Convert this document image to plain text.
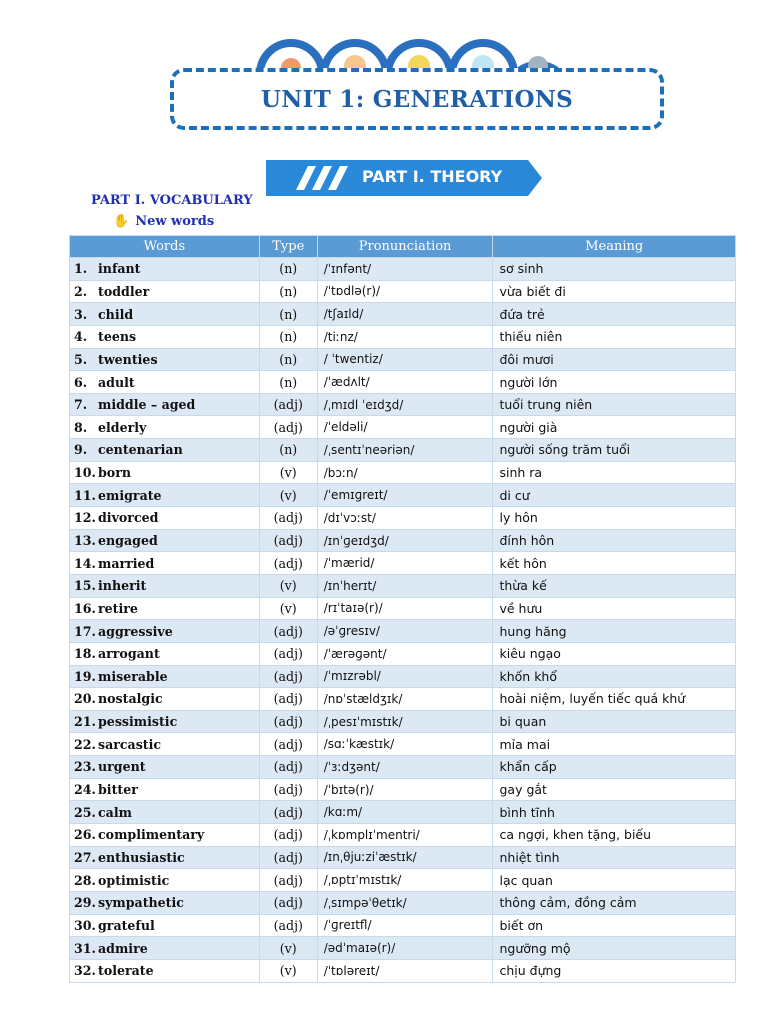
UNIT 1: GENERATIONS
PART I. THEORY
PART I. VOCABULARY
✋ New words
Words	Type	Pronunciation	Meaning
1. infant	(n)	/ˈɪnfənt/	sơ sinh
2. toddler	(n)	/ˈtɒdlə(r)/	vừa biết đi
3. child	(n)	/tʃaɪld/	đứa trẻ
4. teens	(n)	/tiːnz/	thiếu niên
5. twenties	(n)	/ ˈtwentiz/	đôi mươi
6. adult	(n)	/ˈædʌlt/	người lớn
7. middle – aged	(adj)	/ˌmɪdl ˈeɪdʒd/	tuổi trung niên
8. elderly	(adj)	/ˈeldəli/	người già
9. centenarian	(n)	/ˌsentɪˈneəriən/	người sống trăm tuổi
10. born	(v)	/bɔːn/	sinh ra
11. emigrate	(v)	/ˈemɪɡreɪt/	di cư
12. divorced	(adj)	/dɪˈvɔːst/	ly hôn
13. engaged	(adj)	/ɪnˈɡeɪdʒd/	đính hôn
14. married	(adj)	/ˈmærid/	kết hôn
15. inherit	(v)	/ɪnˈherɪt/	thừa kế
16. retire	(v)	/rɪˈtaɪə(r)/	về hưu
17. aggressive	(adj)	/əˈɡresɪv/	hung hăng
18. arrogant	(adj)	/ˈærəɡənt/	kiêu ngạo
19. miserable	(adj)	/ˈmɪzrəbl/	khốn khổ
20. nostalgic	(adj)	/nɒˈstældʒɪk/	hoài niệm, luyến tiếc quá khứ
21. pessimistic	(adj)	/ˌpesɪˈmɪstɪk/	bi quan
22. sarcastic	(adj)	/sɑːˈkæstɪk/	mỉa mai
23. urgent	(adj)	/ˈɜːdʒənt/	khẩn cấp
24. bitter	(adj)	/ˈbɪtə(r)/	gay gắt
25. calm	(adj)	/kɑːm/	bình tĩnh
26. complimentary	(adj)	/ˌkɒmplɪˈmentri/	ca ngợi, khen tặng, biếu
27. enthusiastic	(adj)	/ɪnˌθjuːziˈæstɪk/	nhiệt tình
28. optimistic	(adj)	/ˌɒptɪˈmɪstɪk/	lạc quan
29. sympathetic	(adj)	/ˌsɪmpəˈθetɪk/	thông cảm, đồng cảm
30. grateful	(adj)	/ˈɡreɪtfl/	biết ơn
31. admire	(v)	/ədˈmaɪə(r)/	ngưỡng mộ
32. tolerate	(v)	/ˈtɒləreɪt/	chịu đựng
